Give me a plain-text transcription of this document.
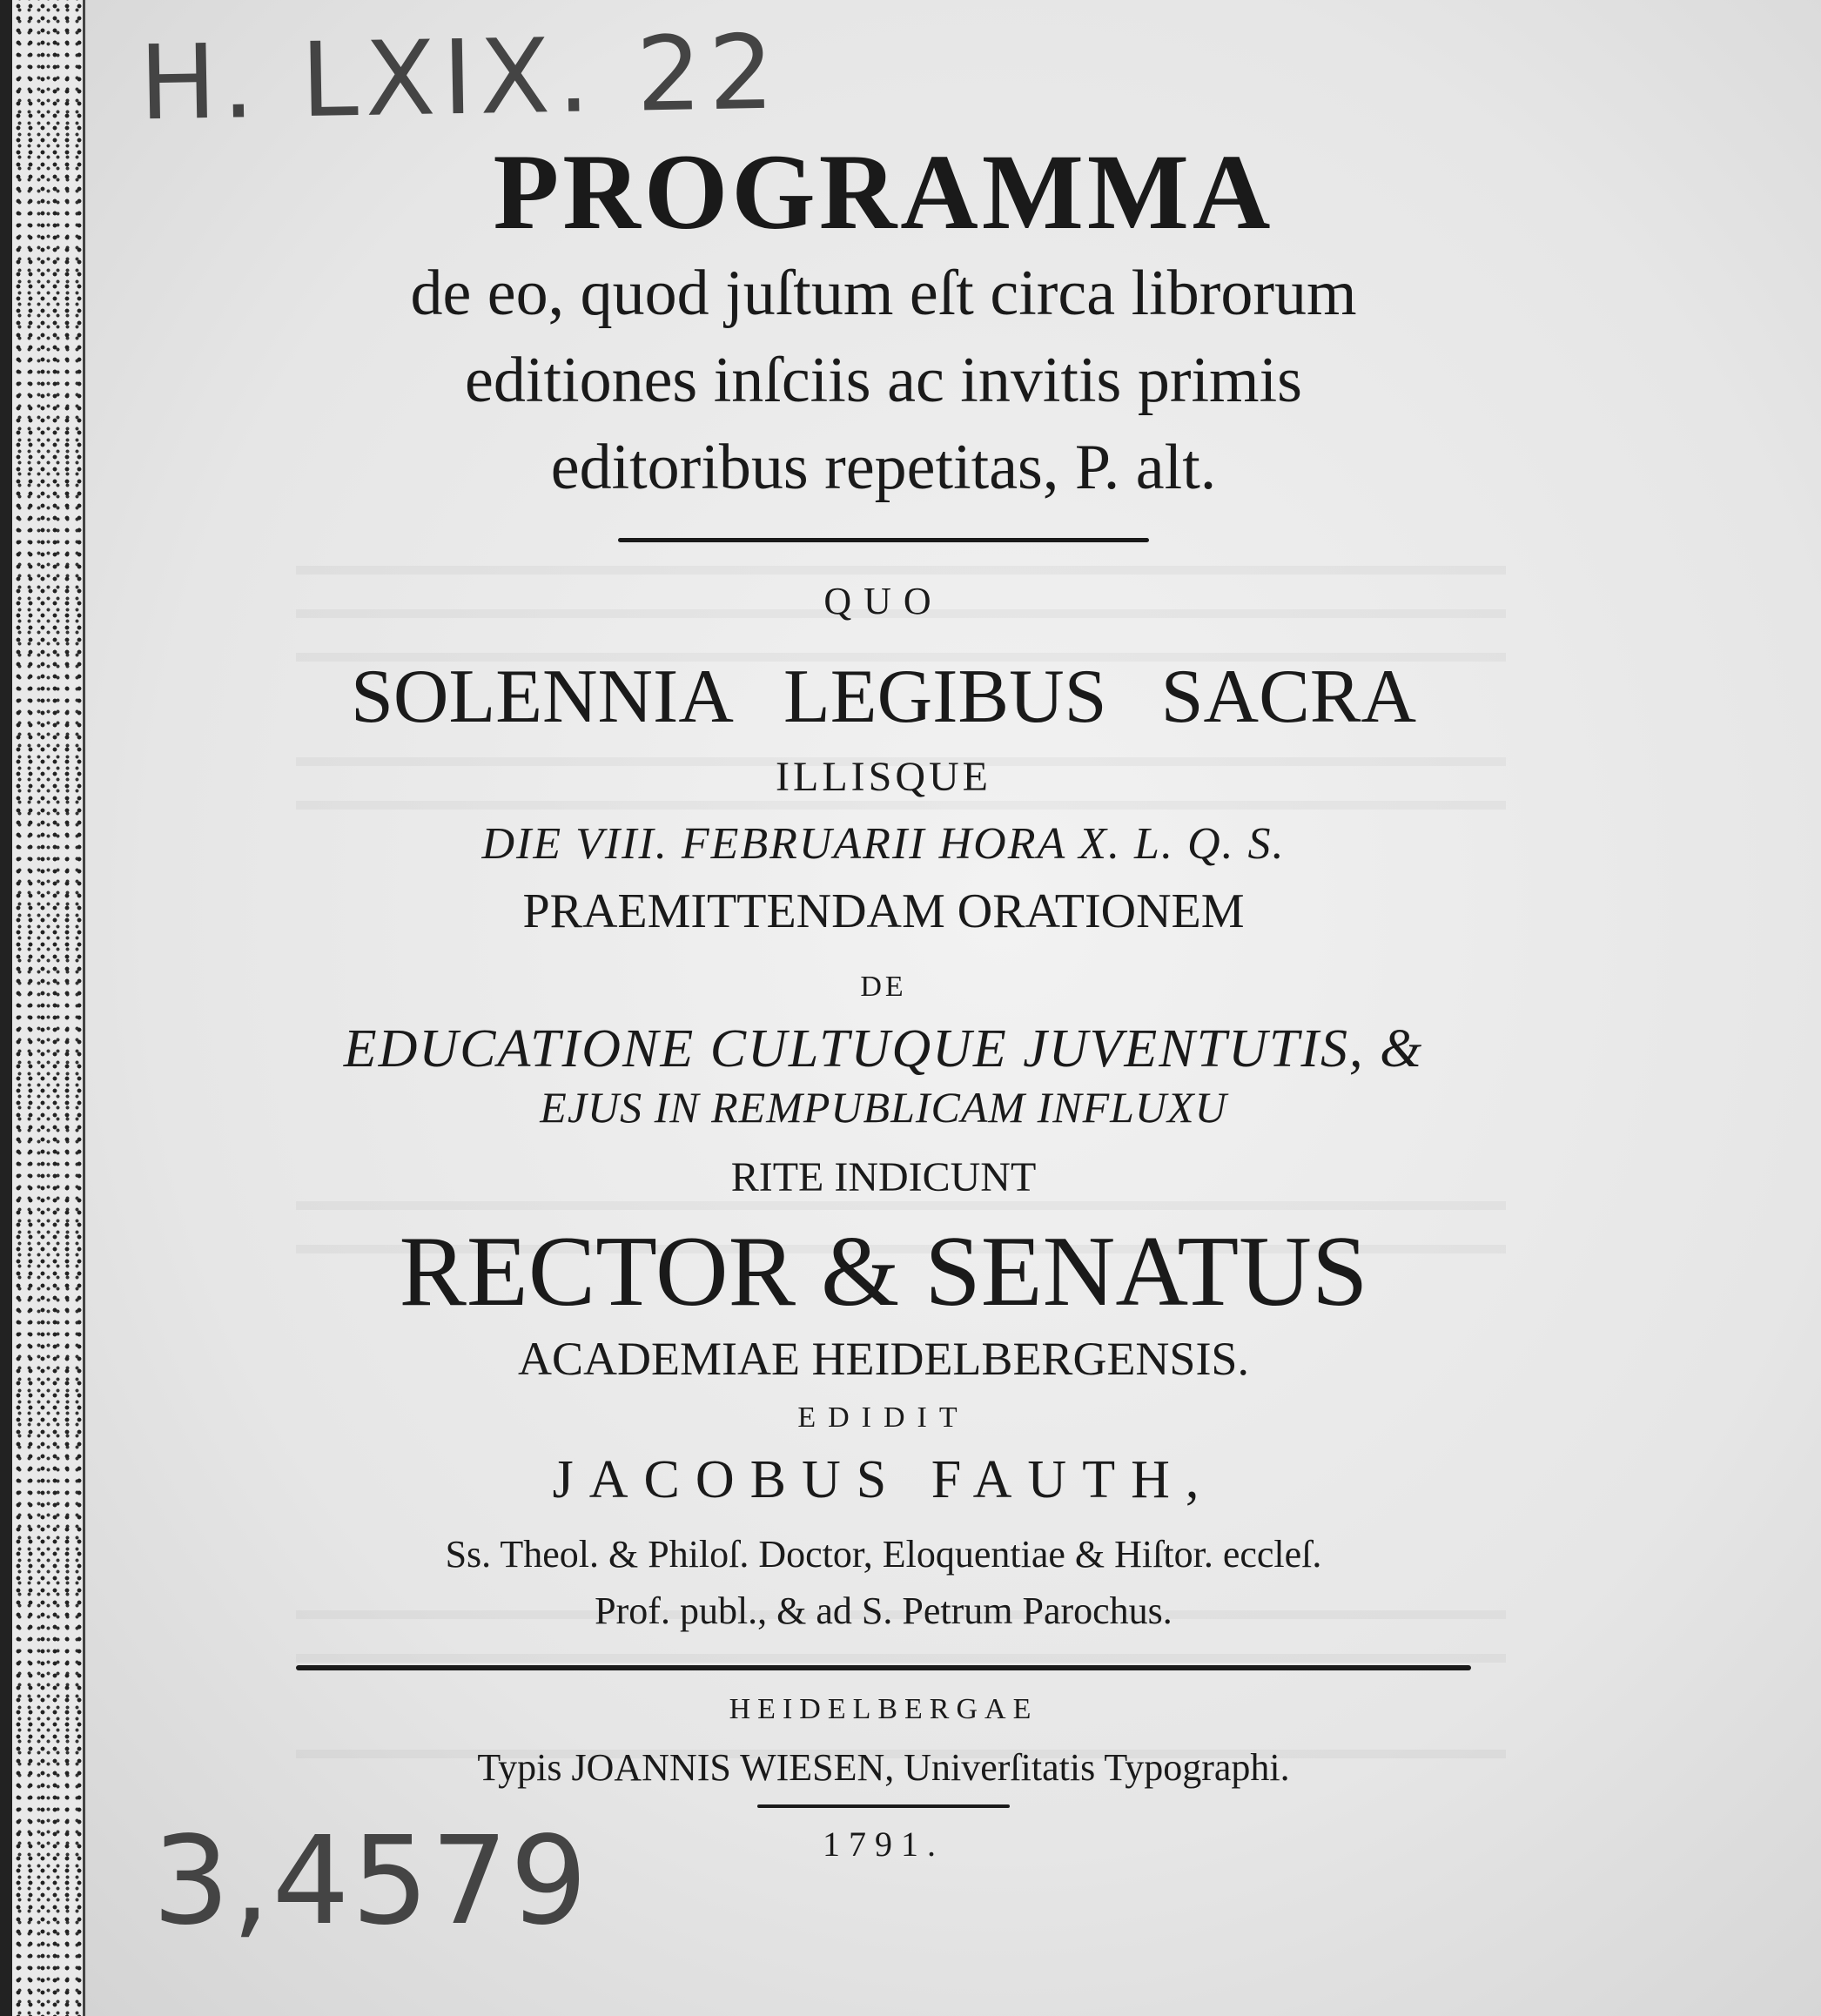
H. LXIX. 22
3,4579
PROGRAMMA
de eo, quod juſtum eſt circa librorum
editiones inſciis ac invitis primis
editoribus repetitas, P. alt.
QUO
SOLENNIA LEGIBUS SACRA
ILLISQUE
DIE VIII. FEBRUARII HORA X. L. Q. S.
PRAEMITTENDAM ORATIONEM
DE
EDUCATIONE CULTUQUE JUVENTUTIS, &
EJUS IN REMPUBLICAM INFLUXU
RITE INDICUNT
RECTOR & SENATUS
ACADEMIAE HEIDELBERGENSIS.
EDIDIT
JACOBUS FAUTH,
Ss. Theol. & Philoſ. Doctor, Eloquentiae & Hiſtor. eccleſ.
Prof. publ., & ad S. Petrum Parochus.
HEIDELBERGAE
Typis JOANNIS WIESEN, Univerſitatis Typographi.
1791.
